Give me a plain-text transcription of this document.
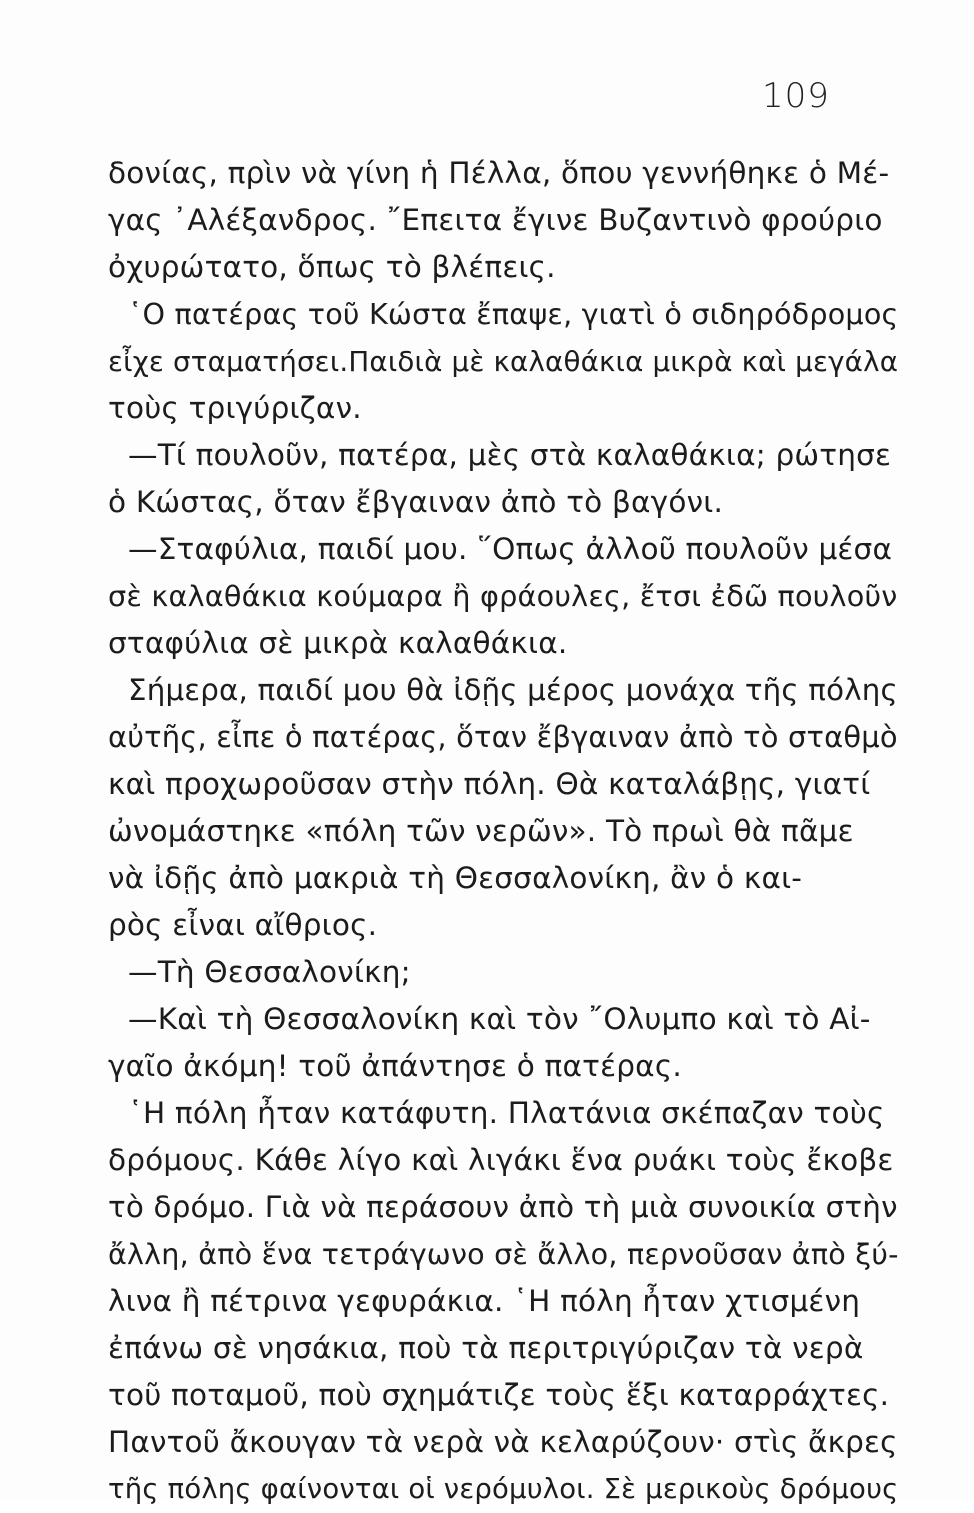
109
δονίας, πρὶν νὰ γίνη ἡ Πέλλα, ὅπου γεννήθηκε ὁ Μέ-
γας ᾿Αλέξανδρος. ῎Επειτα ἔγινε Βυζαντινὸ φρούριο
ὀχυρώτατο, ὅπως τὸ βλέπεις.
῾Ο πατέρας τοῦ Κώστα ἔπαψε, γιατὶ ὁ σιδηρόδρομος
εἶχε σταματήσει.Παιδιὰ μὲ καλαθάκια μικρὰ καὶ μεγάλα
τοὺς τριγύριζαν.
—Τί πουλοῦν, πατέρα, μὲς στὰ καλαθάκια; ρώτησε
ὁ Κώστας, ὅταν ἔβγαιναν ἀπὸ τὸ βαγόνι.
—Σταφύλια, παιδί μου. ῞Οπως ἀλλοῦ πουλοῦν μέσα
σὲ καλαθάκια κούμαρα ἢ φράουλες, ἔτσι ἐδῶ πουλοῦν
σταφύλια σὲ μικρὰ καλαθάκια.
Σήμερα, παιδί μου θὰ ἰδῇς μέρος μονάχα τῆς πόλης
αὐτῆς, εἶπε ὁ πατέρας, ὅταν ἔβγαιναν ἀπὸ τὸ σταθμὸ
καὶ προχωροῦσαν στὴν πόλη. Θὰ καταλάβῃς, γιατί
ὠνομάστηκε «πόλη τῶν νερῶν». Τὸ πρωὶ θὰ πᾶμε
νὰ ἰδῇς ἀπὸ μακριὰ τὴ Θεσσαλονίκη, ἂν ὁ και-
ρὸς εἶναι αἴθριος.
—Τὴ Θεσσαλονίκη;
—Καὶ τὴ Θεσσαλονίκη καὶ τὸν ῎Ολυμπο καὶ τὸ Αἰ-
γαῖο ἀκόμη! τοῦ ἀπάντησε ὁ πατέρας.
῾Η πόλη ἦταν κατάφυτη. Πλατάνια σκέπαζαν τοὺς
δρόμους. Κάθε λίγο καὶ λιγάκι ἕνα ρυάκι τοὺς ἔκοβε
τὸ δρόμο. Γιὰ νὰ περάσουν ἀπὸ τὴ μιὰ συνοικία στὴν
ἄλλη, ἀπὸ ἕνα τετράγωνο σὲ ἄλλο, περνοῦσαν ἀπὸ ξύ-
λινα ἢ πέτρινα γεφυράκια. ῾Η πόλη ἦταν χτισμένη
ἐπάνω σὲ νησάκια, ποὺ τὰ περιτριγύριζαν τὰ νερὰ
τοῦ ποταμοῦ, ποὺ σχημάτιζε τοὺς ἕξι καταρράχτες.
Παντοῦ ἄκουγαν τὰ νερὰ νὰ κελαρύζουν· στὶς ἄκρες
τῆς πόλης φαίνονται οἱ νερόμυλοι. Σὲ μερικοὺς δρόμους
